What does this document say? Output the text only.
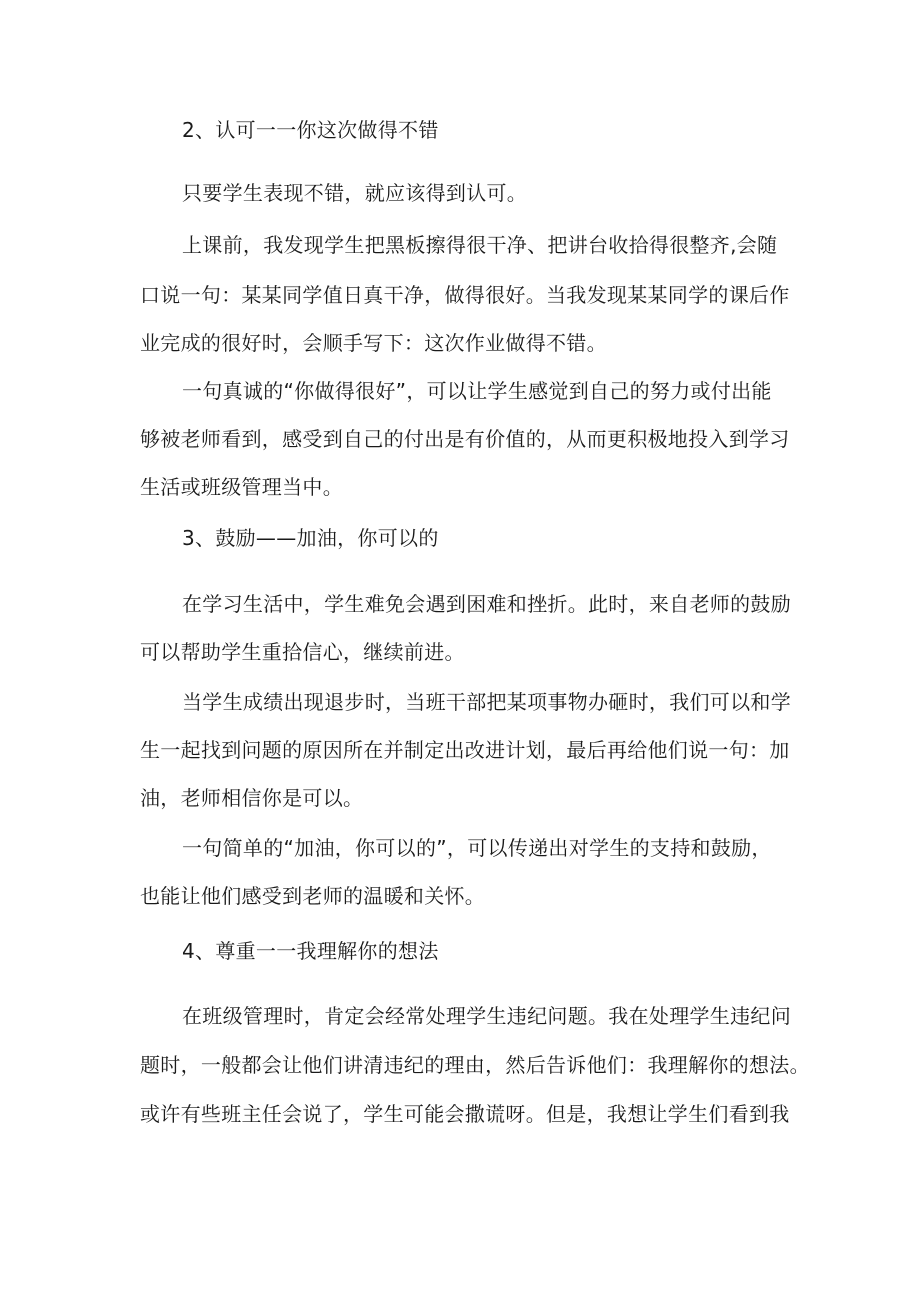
2、认可一一你这次做得不错
只要学生表现不错，就应该得到认可。
上课前，我发现学生把黑板擦得很干净、把讲台收拾得很整齐,会随
口说一句：某某同学值日真干净，做得很好。当我发现某某同学的课后作
业完成的很好时，会顺手写下：这次作业做得不错。
一句真诚的“你做得很好”，可以让学生感觉到自己的努力或付出能
够被老师看到，感受到自己的付出是有价值的，从而更积极地投入到学习
生活或班级管理当中。
3、鼓励——加油，你可以的
在学习生活中，学生难免会遇到困难和挫折。此时，来自老师的鼓励
可以帮助学生重拾信心，继续前进。
当学生成绩出现退步时，当班干部把某项事物办砸时，我们可以和学
生一起找到问题的原因所在并制定出改进计划，最后再给他们说一句：加
油，老师相信你是可以。
一句简单的“加油，你可以的”，可以传递出对学生的支持和鼓励，
也能让他们感受到老师的温暖和关怀。
4、尊重一一我理解你的想法
在班级管理时，肯定会经常处理学生违纪问题。我在处理学生违纪问
题时，一般都会让他们讲清违纪的理由，然后告诉他们：我理解你的想法。
或许有些班主任会说了，学生可能会撒谎呀。但是，我想让学生们看到我
